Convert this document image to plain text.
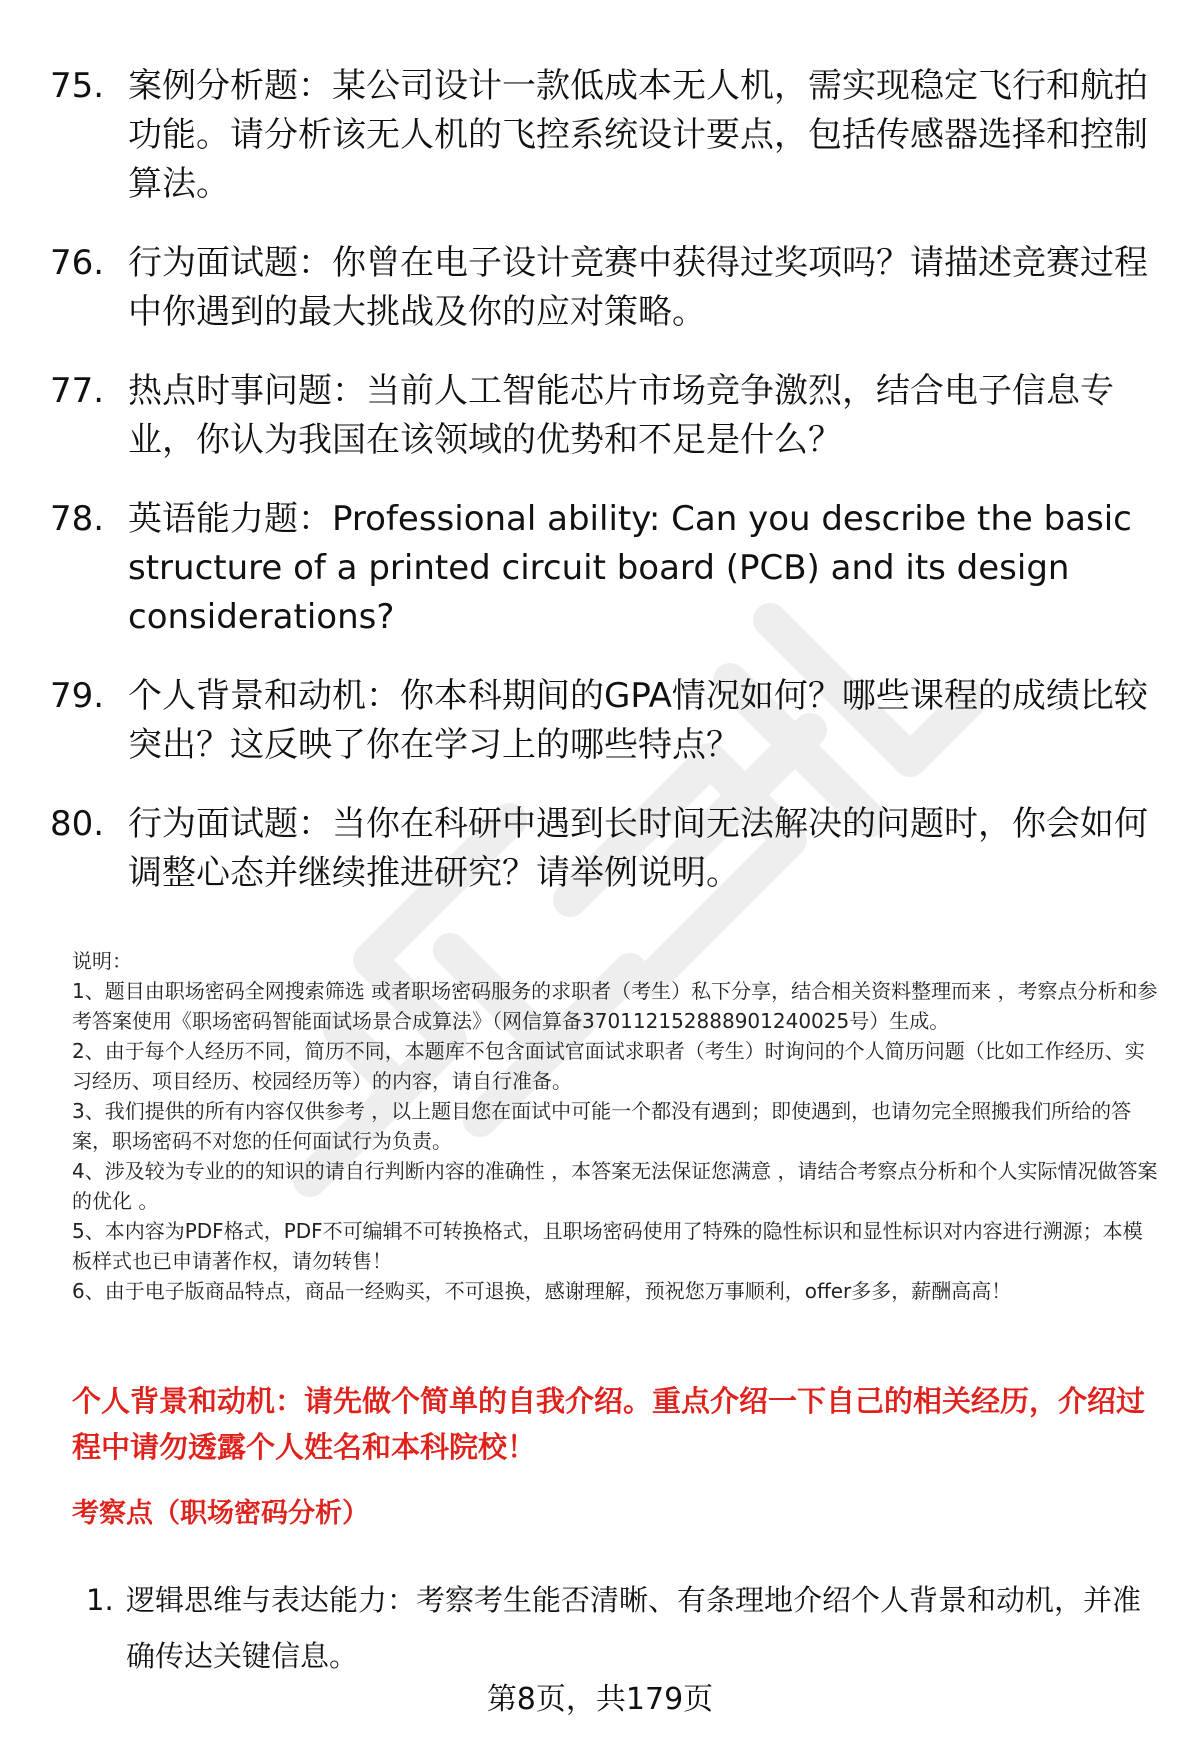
75. 案例分析题：某公司设计一款低成本无人机，需实现稳定飞行和航拍功能。请分析该无人机的飞控系统设计要点，包括传感器选择和控制算法。
76. 行为面试题：你曾在电子设计竞赛中获得过奖项吗？请描述竞赛过程中你遇到的最大挑战及你的应对策略。
77. 热点时事问题：当前人工智能芯片市场竞争激烈，结合电子信息专业，你认为我国在该领域的优势和不足是什么？
78. 英语能力题：Professional ability: Can you describe the basic structure of a printed circuit board (PCB) and its design considerations?
79. 个人背景和动机：你本科期间的GPA情况如何？哪些课程的成绩比较突出？这反映了你在学习上的哪些特点？
80. 行为面试题：当你在科研中遇到长时间无法解决的问题时，你会如何调整心态并继续推进研究？请举例说明。

说明：

1、题目由职场密码全网搜索筛选 或者职场密码服务的求职者（考生）私下分享，结合相关资料整理而来 ，考察点分析和参考答案使用《职场密码智能面试场景合成算法》（网信算备370112152888901240025号）生成。

2、由于每个人经历不同，简历不同，本题库不包含面试官面试求职者（考生）时询问的个人简历问题（比如工作经历、实习经历、项目经历、校园经历等）的内容，请自行准备。

3、我们提供的所有内容仅供参考 ，以上题目您在面试中可能一个都没有遇到；即使遇到，也请勿完全照搬我们所给的答案，职场密码不对您的任何面试行为负责。

4、涉及较为专业的的知识的请自行判断内容的准确性 ，本答案无法保证您满意 ，请结合考察点分析和个人实际情况做答案的优化 。

5、本内容为PDF格式，PDF不可编辑不可转换格式，且职场密码使用了特殊的隐性标识和显性标识对内容进行溯源；本模板样式也已申请著作权，请勿转售！

6、由于电子版商品特点，商品一经购买，不可退换，感谢理解，预祝您万事顺利，offer多多，薪酬高高！

个人背景和动机：请先做个简单的自我介绍。重点介绍一下自己的相关经历，介绍过程中请勿透露个人姓名和本科院校！
考察点（职场密码分析）
1. 逻辑思维与表达能力：考察考生能否清晰、有条理地介绍个人背景和动机，并准确传达关键信息。
第8页，共179页
